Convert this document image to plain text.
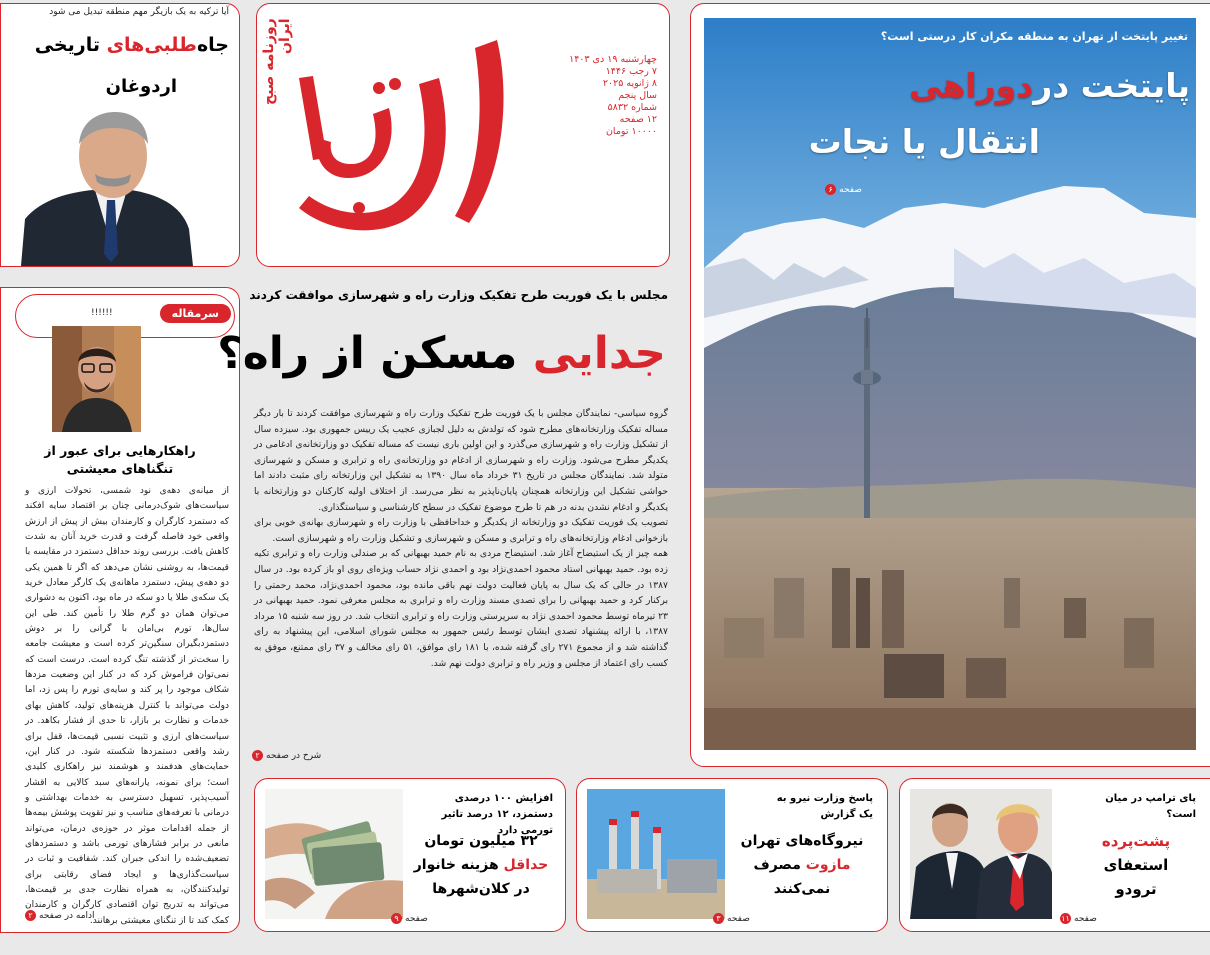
روزنامه صبح ایران
چهارشنبه ۱۹ دی ۱۴۰۳
۷ رجب ۱۴۴۶
۸ ژانویه ۲۰۲۵
سال پنجم
شماره ۵۸۳۲
۱۲ صفحه
۱۰۰۰۰ تومان
آیا ترکیه به یک بازیگر مهم منطقه تبدیل می شود
جاه‌طلبی‌های تاریخی
اردوغان
تغییر پایتخت از تهران به منطقه مکران کار درستی است؟
پایتخت دردوراهی
انتقال یا نجات
صفحه
۶
سرمقاله
!!!!!!
راهکارهایی برای عبور از تنگناهای معیشتی
از میانه‌ی دهه‌ی نود شمسی، تحولات ارزی و سیاست‌های شوک‌درمانی چنان بر اقتصاد سایه افکند که دستمزد کارگران و کارمندان بیش از پیش از ارزش واقعی خود فاصله گرفت و قدرت خرید آنان به شدت کاهش یافت. بررسی روند حداقل دستمزد در مقایسه با قیمت‌ها، به روشنی نشان می‌دهد که اگر تا همین یکی دو دهه‌ی پیش، دستمزد ماهانه‌ی یک کارگر معادل خرید یک سکه‌ی طلا یا دو سکه در ماه بود، اکنون به دشواری می‌توان همان دو گرم طلا را تأمین کند. طی این سال‌ها، تورم بی‌امان با گرانی را بر دوش دستمزدبگیران سنگین‌تر کرده است و معیشت جامعه را سخت‌تر از گذشته تنگ کرده است. درست است که نمی‌توان فراموش کرد که در کنار این وضعیت مزدها شکاف موجود را پر کند و سایه‌ی تورم را پس زد، اما دولت می‌تواند با کنترل هزینه‌های تولید، کاهش بهای خدمات و نظارت بر بازار، تا حدی از فشار بکاهد. در سیاست‌های ارزی و تثبیت نسبی قیمت‌ها، قفل برای رشد واقعی دستمزدها شکسته شود. در کنار این، حمایت‌های هدفمند و هوشمند نیز راهکاری کلیدی است؛ برای نمونه، یارانه‌های سبد کالایی به اقشار آسیب‌پذیر، تسهیل دسترسی به خدمات بهداشتی و درمانی با تعرفه‌های مناسب و نیز تقویت پوشش بیمه‌ها از جمله اقدامات موثر در حوزه‌ی درمان، می‌تواند مانعی در برابر فشارهای تورمی باشد و دستمزدهای تضعیف‌شده را اندکی جبران کند. شفافیت و ثبات در سیاست‌گذاری‌ها و ایجاد فضای رقابتی برای تولیدکنندگان، به همراه نظارت جدی بر قیمت‌ها، می‌تواند به تدریج توان اقتصادی کارگران و کارمندان کمک کند تا از تنگنای معیشتی برهانند.
ادامه در صفحه
۲
مجلس با یک فوریت طرح تفکیک وزارت راه و شهرسازی موافقت کردند
جدایی مسکن از راه؟
گروه سیاسی- نمایندگان مجلس با یک فوریت طرح تفکیک وزارت راه و شهرسازی موافقت کردند تا بار دیگر مساله تفکیک وزارتخانه‌های مطرح شود که تولدش به دلیل لجبازی عجیب یک رییس جمهوری بود. سیزده سال از تشکیل وزارت راه و شهرسازی می‌گذرد و این اولین باری نیست که مساله تفکیک دو وزارتخانه‌ی ادغامی در یکدیگر مطرح می‌شود. وزارت راه و شهرسازی از ادغام دو وزارتخانه‌ی راه و ترابری و مسکن و شهرسازی متولد شد. نمایندگان مجلس در تاریخ ۳۱ خرداد ماه سال ۱۳۹۰ به تشکیل این وزارتخانه رای مثبت دادند اما حواشی تشکیل این وزارتخانه همچنان پایان‌ناپذیر به نظر می‌رسد. از اختلاف اولیه کارکنان دو وزارتخانه با یکدیگر و ادغام نشدن بدنه در هم تا طرح موضوع تفکیک در سطح کارشناسی و سیاستگذاری.
تصویب یک فوریت تفکیک دو وزارتخانه از یکدیگر و خداحافظی با وزارت راه و شهرسازی بهانه‌ی خوبی برای بازخوانی ادغام وزارتخانه‌های راه و ترابری و مسکن و شهرسازی و تشکیل وزارت راه و شهرسازی است.
همه چیز از یک استیضاح آغاز شد. استیضاح مردی به نام حمید بهبهانی که بر صندلی وزارت راه و ترابری تکیه زده بود. حمید بهبهانی استاد محمود احمدی‌نژاد بود و احمدی نژاد حساب ویژه‌ای روی او باز کرده بود. در سال ۱۳۸۷ در حالی که یک سال به پایان فعالیت دولت نهم باقی مانده بود، محمود احمدی‌نژاد، محمد رحمتی را برکنار کرد و حمید بهبهانی را برای تصدی مسند وزارت راه و ترابری به مجلس معرفی نمود. حمید بهبهانی در ۲۳ تیرماه توسط محمود احمدی نژاد به سرپرستی وزارت راه و ترابری انتخاب شد. در روز سه شنبه ۱۵ مرداد ۱۳۸۷، با ارائه پیشنهاد تصدی ایشان توسط رئیس جمهور به مجلس شورای اسلامی، این پیشنهاد به رای گذاشته شد و از مجموع ۲۷۱ رای گرفته شده، با ۱۸۱ رای موافق، ۵۱ رای مخالف و ۳۷ رای ممتنع، موفق به کسب رای اعتماد از مجلس و وزیر راه و ترابری دولت نهم شد.
شرح در صفحه
۲
افزایش ۱۰۰ درصدی دستمزد، ۱۲ درصد تاثیر تورمی دارد
۳۲ میلیون تومان
حداقل هزینه خانوار در کلان‌شهرها
صفحه
۹
پاسخ وزارت نیرو به یک گزارش
نیروگاه‌های تهران
مازوت مصرف
نمی‌کنند
صفحه
۳
پای ترامپ در میان است؟
پشت‌پرده
استعفای
ترودو
صفحه
۱۱
